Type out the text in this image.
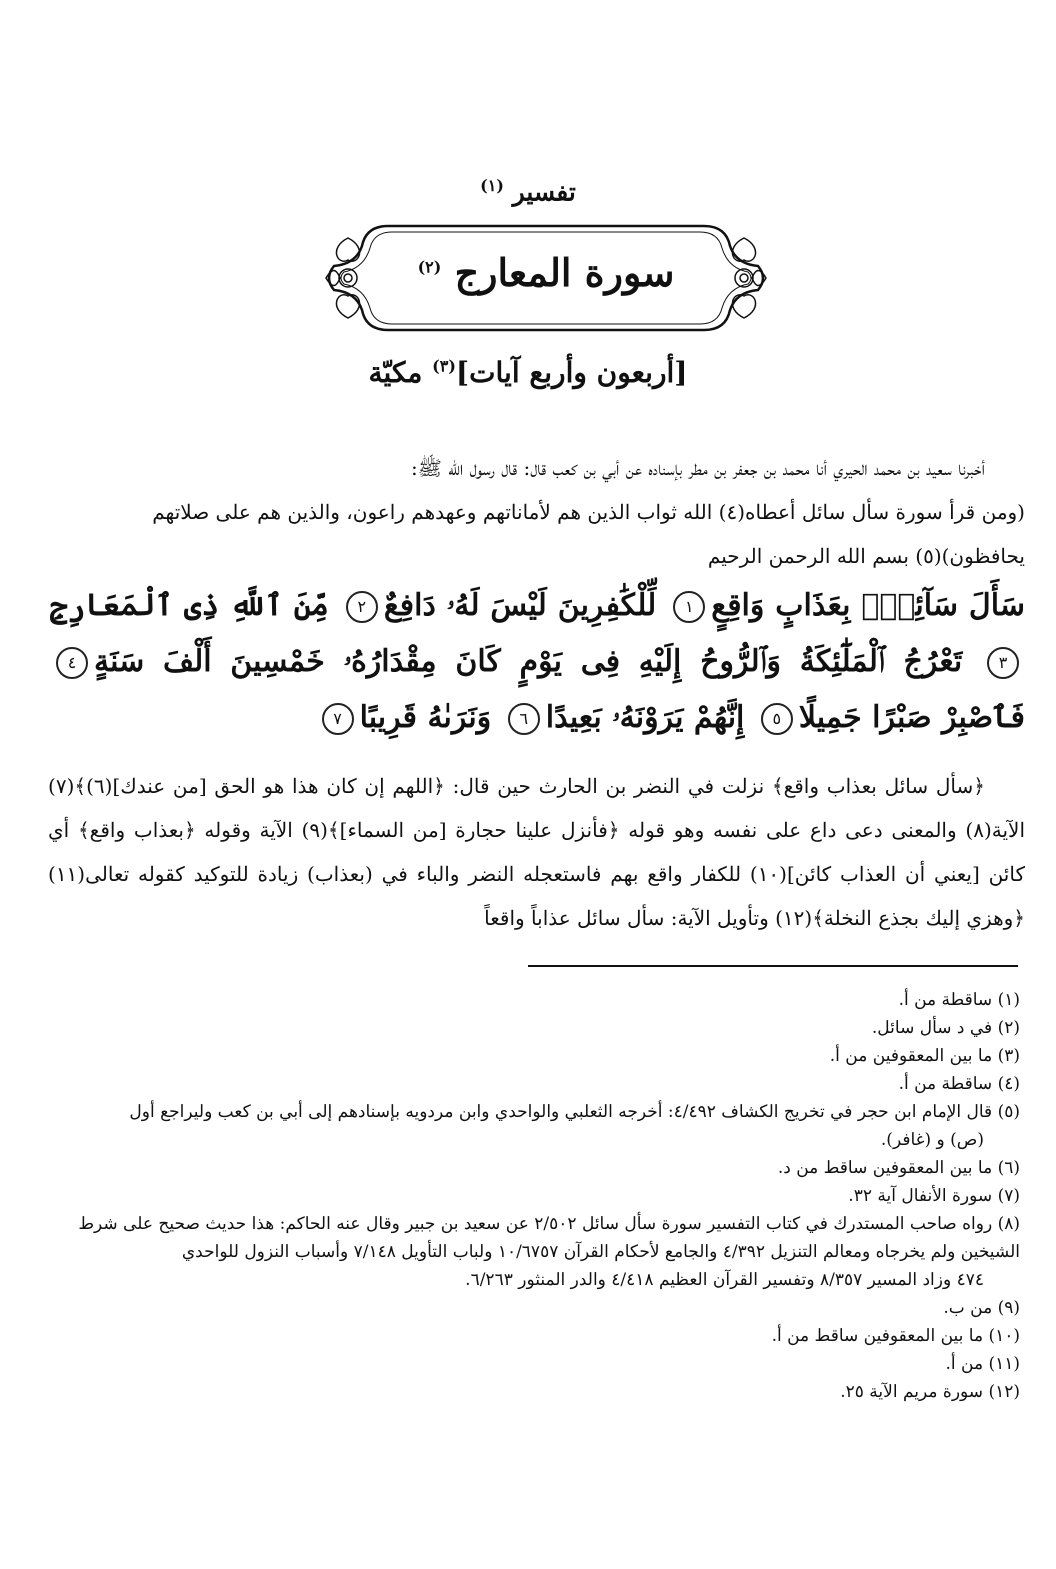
تفسير $^{(١)}$
سورة المعارج $^{(٢)}$
[أربعون وأربع آيات]$^{(٣)}$ مكيّة
أخبرنا سعيد بن محمد الحيري أنا محمد بن جعفر بن مطر بإسناده عن أبي بن كعب قال: قال رسول الله ﷺ:
(ومن قرأ سورة سأل سائل أعطاه(٤) الله ثواب الذين هم لأماناتهم وعهدهم راعون، والذين هم على صلاتهم
يحافظون)(٥) بسم الله الرحمن الرحيم
سَأَلَ سَآئِلُۢ بِعَذَابٍ وَاقِعٍ١ لِّلْكَٰفِرِينَ لَيْسَ لَهُۥ دَافِعٌ٢ مِّنَ ٱللَّهِ ذِى ٱلْمَعَارِجِ٣ تَعْرُجُ ٱلْمَلَٰٓئِكَةُ وَٱلرُّوحُ إِلَيْهِ فِى يَوْمٍ كَانَ مِقْدَارُهُۥ خَمْسِينَ أَلْفَ سَنَةٍ٤ فَٱصْبِرْ صَبْرًا جَمِيلًا٥ إِنَّهُمْ يَرَوْنَهُۥ بَعِيدًا٦ وَنَرَىٰهُ قَرِيبًا٧
﴿سأل سائل بعذاب واقع﴾ نزلت في النضر بن الحارث حين قال: ﴿اللهم إن كان هذا هو الحق [من عندك](٦)﴾(٧) الآية(٨) والمعنى دعى داع على نفسه وهو قوله ﴿فأنزل علينا حجارة [من السماء]﴾(٩) الآية وقوله ﴿بعذاب واقع﴾ أي كائن [يعني أن العذاب كائن](١٠) للكفار واقع بهم فاستعجله النضر والباء في (بعذاب) زيادة للتوكيد كقوله تعالى(١١) ﴿وهزي إليك بجذع النخلة﴾(١٢) وتأويل الآية: سأل سائل عذاباً واقعاً

(١) ساقطة من أ.

(٢) في د سأل سائل.

(٣) ما بين المعقوفين من أ.

(٤) ساقطة من أ.

(٥) قال الإمام ابن حجر في تخريج الكشاف ٤/٤٩٢: أخرجه الثعلبي والواحدي وابن مردويه بإسنادهم إلى أبي بن كعب وليراجع أول

(ص) و (غافر).

(٦) ما بين المعقوفين ساقط من د.

(٧) سورة الأنفال آية ٣٢.

(٨) رواه صاحب المستدرك في كتاب التفسير سورة سأل سائل ٢/٥٠٢ عن سعيد بن جبير وقال عنه الحاكم: هذا حديث صحيح على شرط

الشيخين ولم يخرجاه ومعالم التنزيل ٤/٣٩٢ والجامع لأحكام القرآن ١٠/٦٧٥٧ ولباب التأويل ٧/١٤٨ وأسباب النزول للواحدي

٤٧٤ وزاد المسير ٨/٣٥٧ وتفسير القرآن العظيم ٤/٤١٨ والدر المنثور ٦/٢٦٣.

(٩) من ب.

(١٠) ما بين المعقوفين ساقط من أ.

(١١) من أ.

(١٢) سورة مريم الآية ٢٥.
